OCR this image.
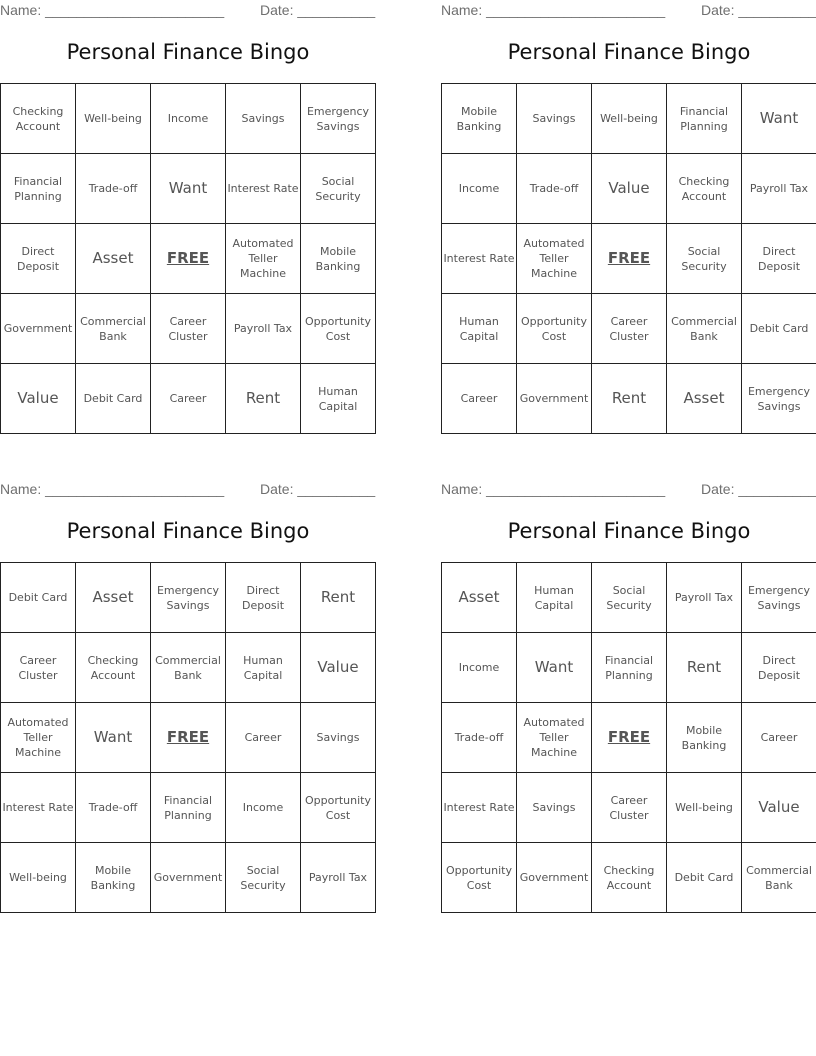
Name: _______________________	Date: __________
Personal Finance Bingo
Checking Account	Well-being	Income	Savings	Emergency Savings
Financial Planning	Trade-off	Want	Interest Rate	Social Security
Direct Deposit	Asset	FREE	Automated Teller Machine	Mobile Banking
Government	Commercial Bank	Career Cluster	Payroll Tax	Opportunity Cost
Value	Debit Card	Career	Rent	Human Capital
Name: _______________________	Date: __________
Personal Finance Bingo
Mobile Banking	Savings	Well-being	Financial Planning	Want
Income	Trade-off	Value	Checking Account	Payroll Tax
Interest Rate	Automated Teller Machine	FREE	Social Security	Direct Deposit
Human Capital	Opportunity Cost	Career Cluster	Commercial Bank	Debit Card
Career	Government	Rent	Asset	Emergency Savings
Name: _______________________	Date: __________
Personal Finance Bingo
Debit Card	Asset	Emergency Savings	Direct Deposit	Rent
Career Cluster	Checking Account	Commercial Bank	Human Capital	Value
Automated Teller Machine	Want	FREE	Career	Savings
Interest Rate	Trade-off	Financial Planning	Income	Opportunity Cost
Well-being	Mobile Banking	Government	Social Security	Payroll Tax
Name: _______________________	Date: __________
Personal Finance Bingo
Asset	Human Capital	Social Security	Payroll Tax	Emergency Savings
Income	Want	Financial Planning	Rent	Direct Deposit
Trade-off	Automated Teller Machine	FREE	Mobile Banking	Career
Interest Rate	Savings	Career Cluster	Well-being	Value
Opportunity Cost	Government	Checking Account	Debit Card	Commercial Bank
